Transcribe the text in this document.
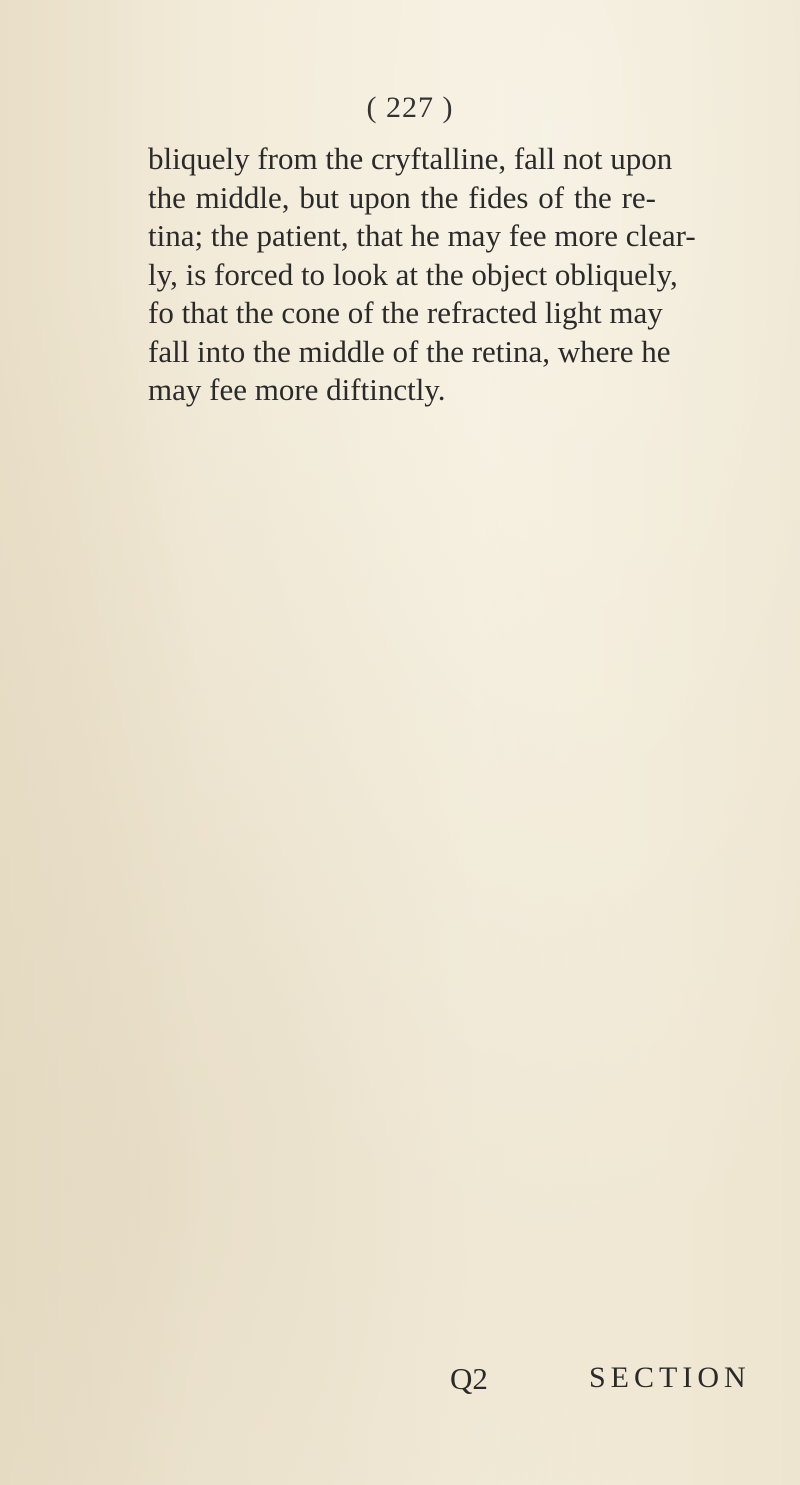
( 227 )
bliquely from the cryftalline, fall not upon
the middle, but upon the fides of the re-
tina; the patient, that he may fee more clear-
ly, is forced to look at the object obliquely,
fo that the cone of the refracted light may
fall into the middle of the retina, where he
may fee more diftinctly.
Q2	SECTION
